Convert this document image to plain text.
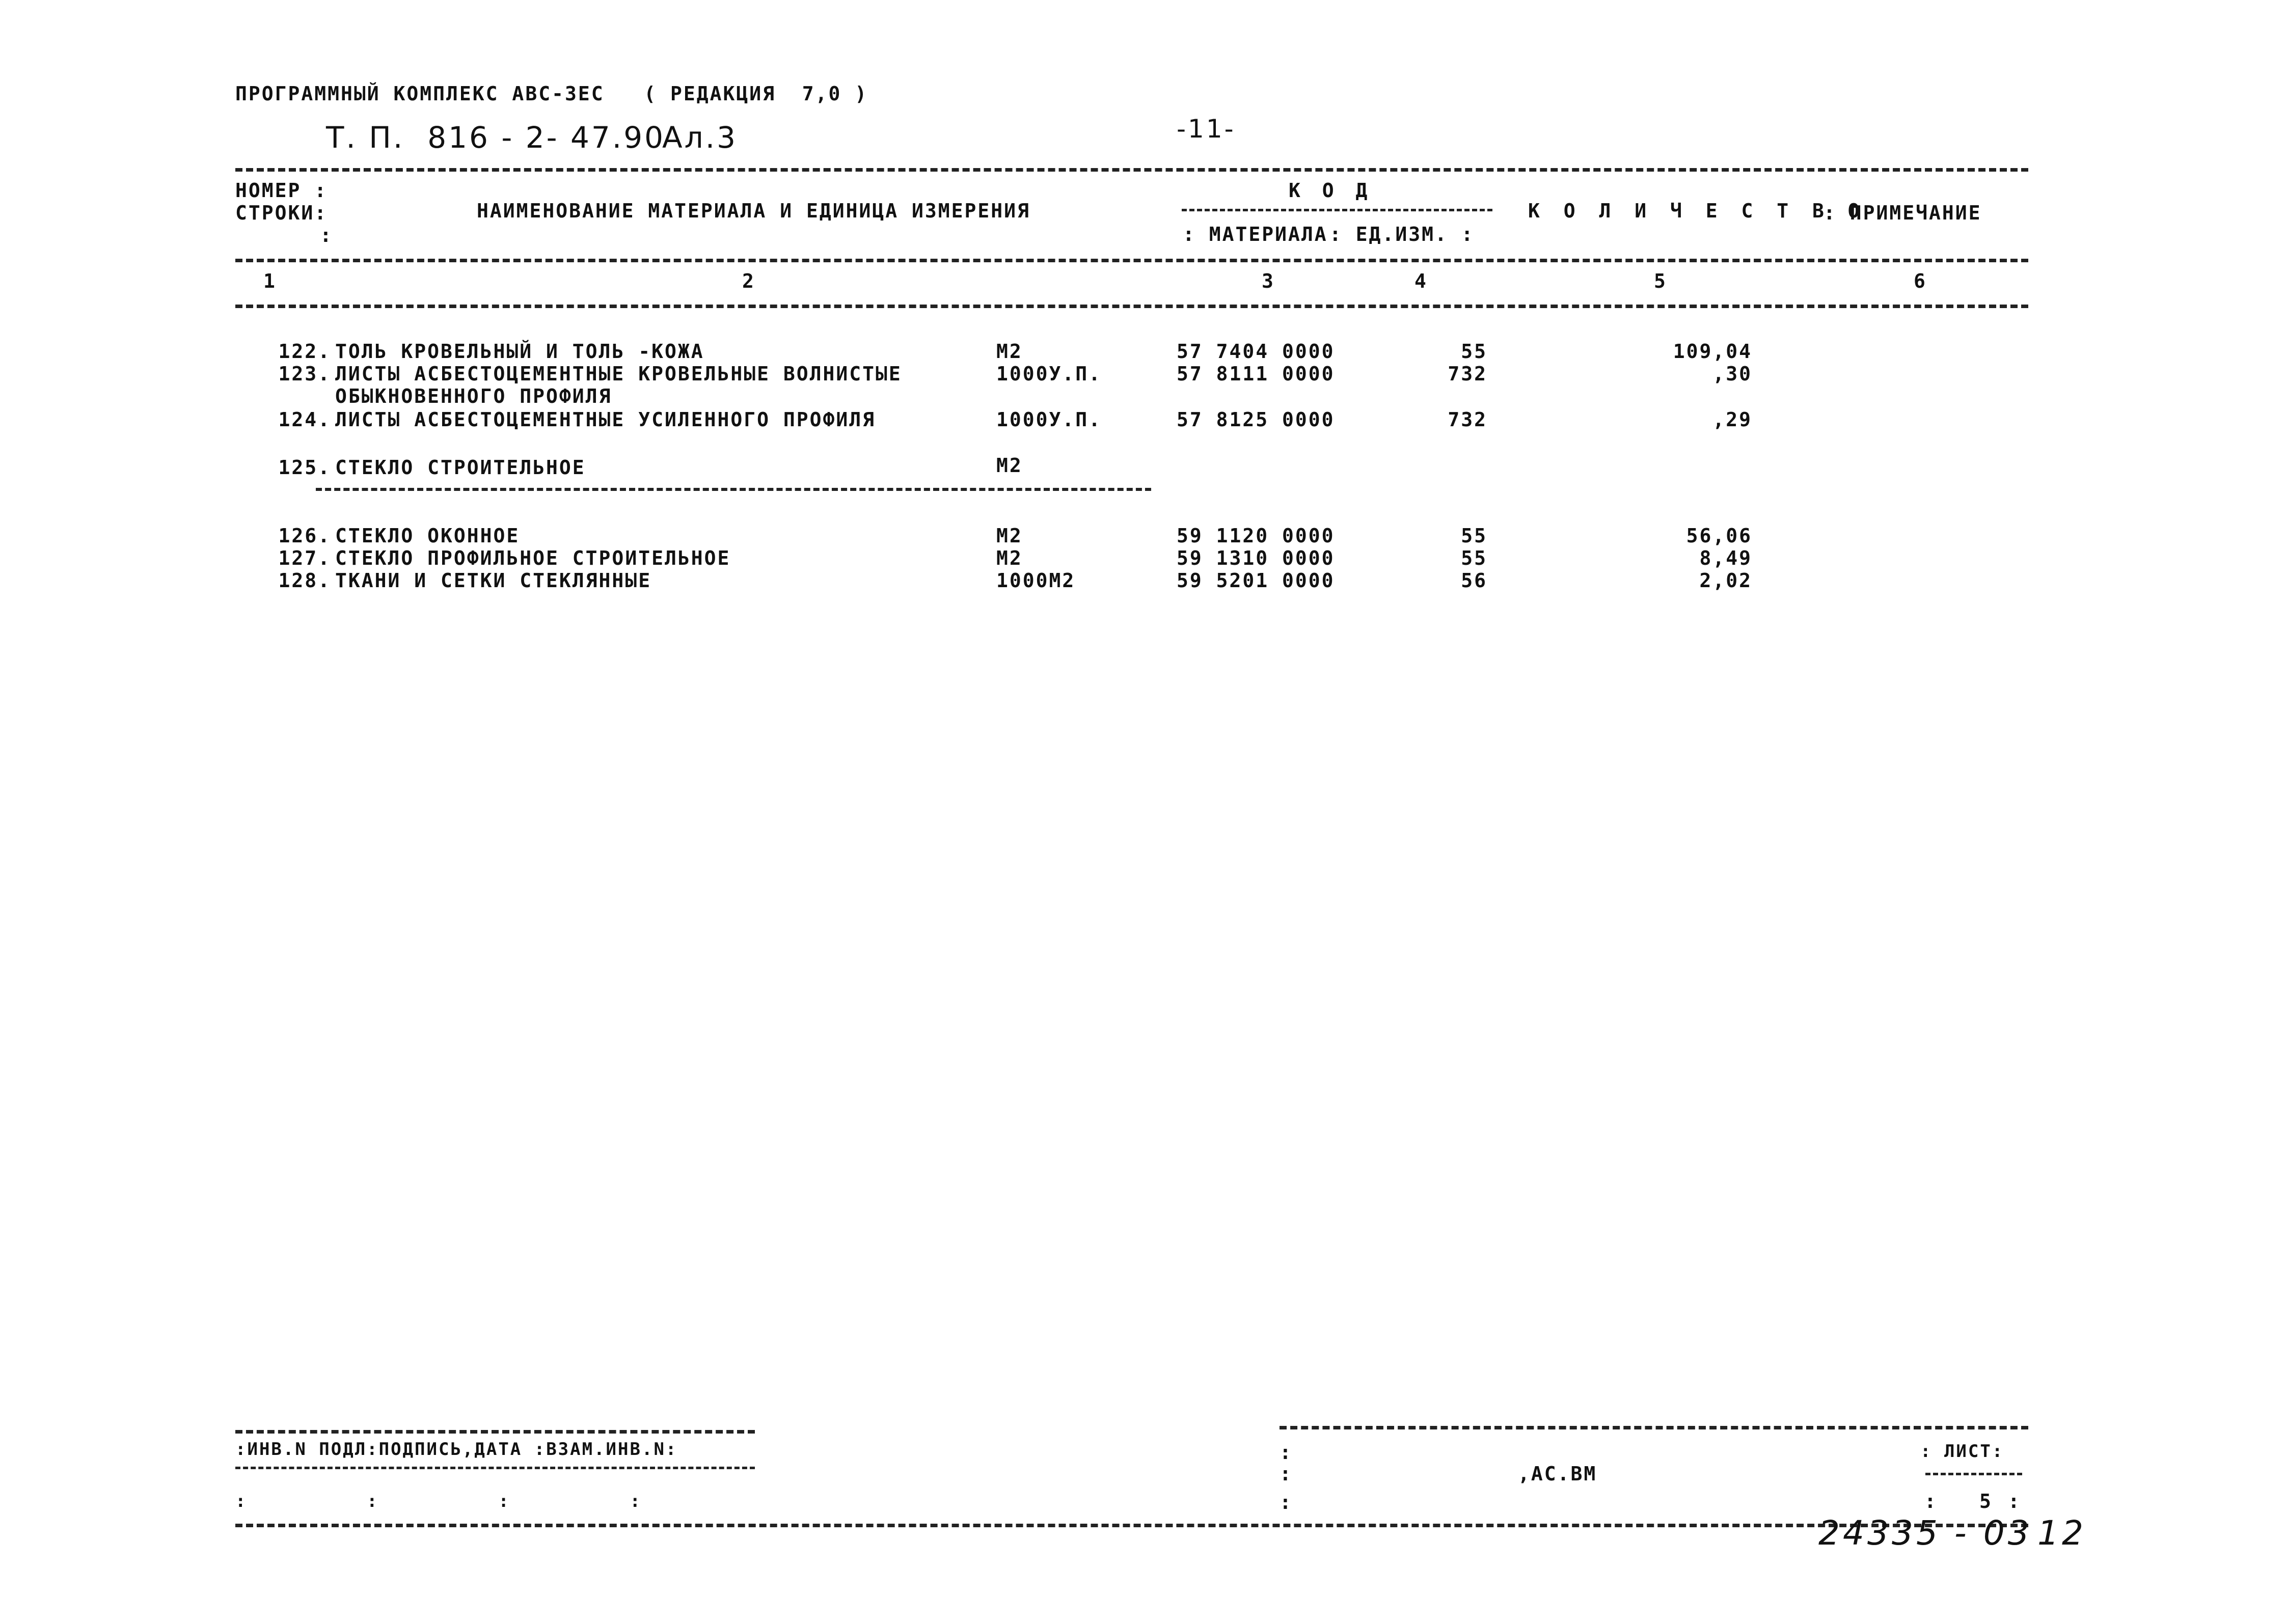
ПРОГРАММНЫЙ КОМПЛЕКС АВС-ЗЕС   ( РЕДАКЦИЯ  7,0 )
Т. П.  816 - 2- 47.90
Ал.3	-11-
НОМЕР :
СТРОКИ:
:
НАИМЕНОВАНИЕ МАТЕРИАЛА И ЕДИНИЦА ИЗМЕРЕНИЯ
К О Д
: МАТЕРИАЛА : ЕД.ИЗМ. :
К О Л И Ч Е С Т В О
: ПРИМЕЧАНИЕ
1	2	3	4	5	6
122. ТОЛЬ КРОВЕЛЬНЫЙ И ТОЛЬ -КОЖА	М2	57 7404 0000	55	109,04
123. ЛИСТЫ АСБЕСТОЦЕМЕНТНЫЕ КРОВЕЛЬНЫЕ ВОЛНИСТЫЕ
ОБЫКНОВЕННОГО ПРОФИЛЯ
1000У.П.	57 8111 0000	732	,30
124. ЛИСТЫ АСБЕСТОЦЕМЕНТНЫЕ УСИЛЕННОГО ПРОФИЛЯ	1000У.П.	57 8125 0000	732	,29
125. СТЕКЛО СТРОИТЕЛЬНОЕ	М2
126. СТЕКЛО ОКОННОЕ	М2	59 1120 0000	55	56,06
127. СТЕКЛО ПРОФИЛЬНОЕ СТРОИТЕЛЬНОЕ	М2	59 1310 0000	55	8,49
128. ТКАНИ И СЕТКИ СТЕКЛЯННЫЕ	1000М2	59 5201 0000	56	2,02
:ИНВ.N ПОДЛ:ПОДПИСЬ,ДАТА :ВЗАМ.ИНВ.N:
:          :          :          :
:
:
:
,АС.ВМ
: ЛИСТ:
: 5 :
24335 - 03 12
